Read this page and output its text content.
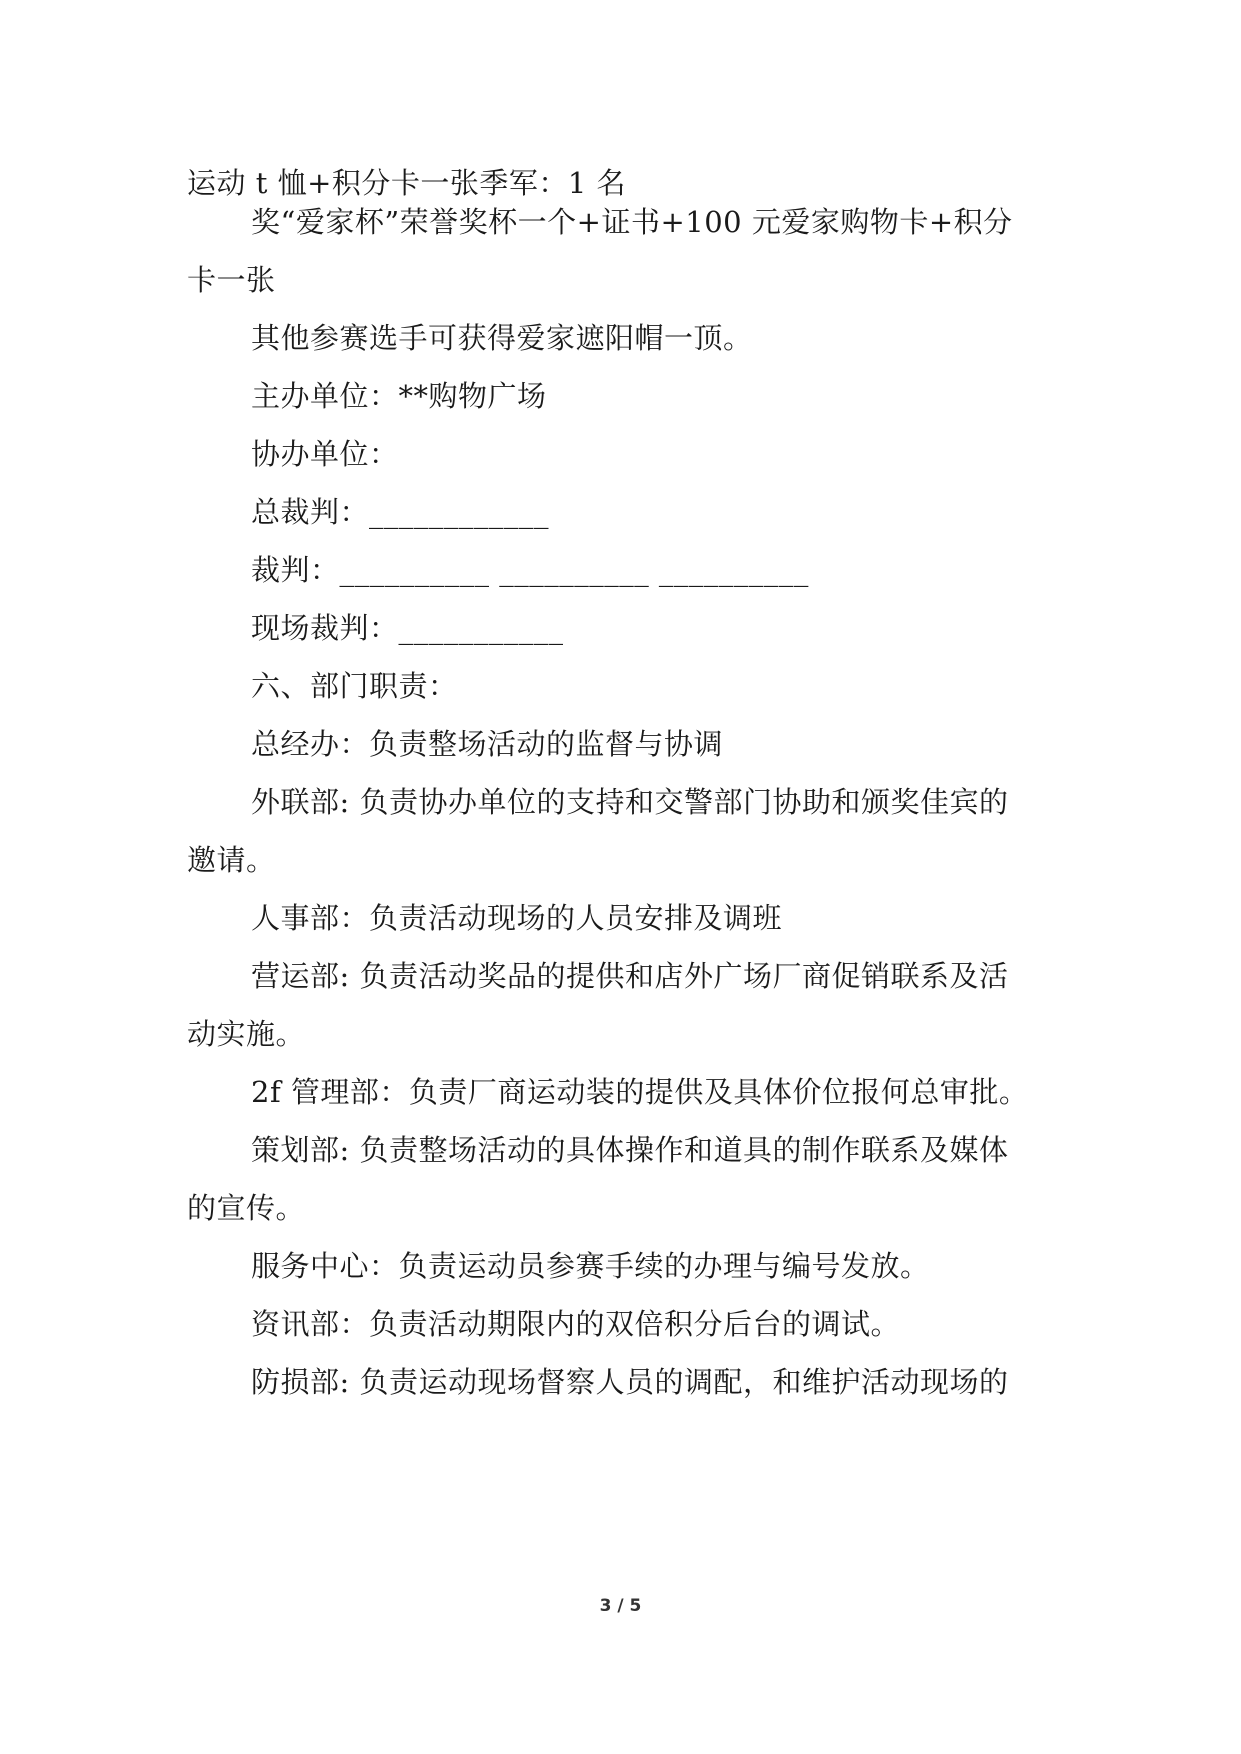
运动 t 恤+积分卡一张季军：1 名
奖“爱家杯”荣誉奖杯一个+证书+100 元爱家购物卡+积分
卡一张
其他参赛选手可获得爱家遮阳帽一顶。
主办单位：**购物广场
协办单位：
总裁判：____________
裁判：__________ __________ __________
现场裁判：___________
六、部门职责：
总经办：负责整场活动的监督与协调
外联部: 负责协办单位的支持和交警部门协助和颁奖佳宾的
邀请。
人事部：负责活动现场的人员安排及调班
营运部: 负责活动奖品的提供和店外广场厂商促销联系及活
动实施。
2f 管理部：负责厂商运动装的提供及具体价位报何总审批。
策划部: 负责整场活动的具体操作和道具的制作联系及媒体
的宣传。
服务中心：负责运动员参赛手续的办理与编号发放。
资讯部：负责活动期限内的双倍积分后台的调试。
防损部: 负责运动现场督察人员的调配，和维护活动现场的
3 / 5
